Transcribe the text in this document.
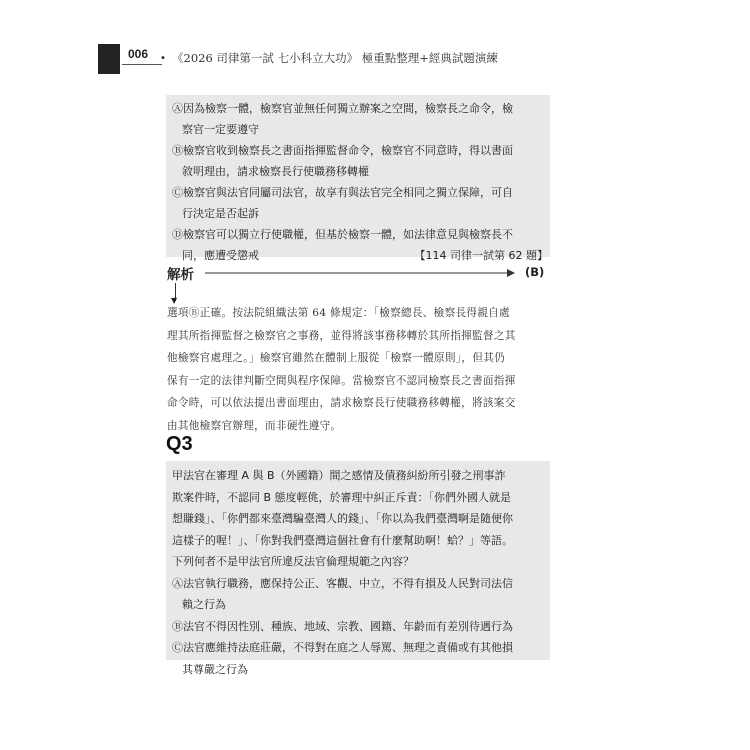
006 • 《2026 司律第一試 七小科立大功》 極重點整理+經典試題演練

Ⓐ因為檢察一體，檢察官並無任何獨立辦案之空間，檢察長之命令，檢

察官一定要遵守

Ⓑ檢察官收到檢察長之書面指揮監督命令，檢察官不同意時，得以書面

敘明理由，請求檢察長行使職務移轉權

Ⓒ檢察官與法官同屬司法官，故享有與法官完全相同之獨立保障，可自

行決定是否起訴

Ⓓ檢察官可以獨立行使職權，但基於檢察一體，如法律意見與檢察長不

同，應遭受懲戒	【114 司律一試第 62 題】

解析	(B)
▼
選項Ⓑ正確。按法院組織法第 64 條規定：「檢察總長、檢察長得親自處
理其所指揮監督之檢察官之事務，並得將該事務移轉於其所指揮監督之其
他檢察官處理之。」檢察官雖然在體制上服從「檢察一體原則」，但其仍
保有一定的法律判斷空間與程序保障。當檢察官不認同檢察長之書面指揮
命令時，可以依法提出書面理由，請求檢察長行使職務移轉權，將該案交
由其他檢察官辦理，而非硬性遵守。
Q3

甲法官在審理 A 與 B（外國籍）間之感情及債務糾紛所引發之刑事詐

欺案件時，不認同 B 態度輕佻，於審理中糾正斥責：「你們外國人就是

想賺錢」、「你們都來臺灣騙臺灣人的錢」、「你以為我們臺灣啊是隨便你

這樣子的喔！」、「你對我們臺灣這個社會有什麼幫助啊！蛤？」等語。

下列何者不是甲法官所違反法官倫理規範之內容？

Ⓐ法官執行職務，應保持公正、客觀、中立，不得有損及人民對司法信

賴之行為

Ⓑ法官不得因性別、種族、地域、宗教、國籍、年齡而有差別待遇行為

Ⓒ法官應維持法庭莊嚴，不得對在庭之人辱罵、無理之責備或有其他損

其尊嚴之行為
